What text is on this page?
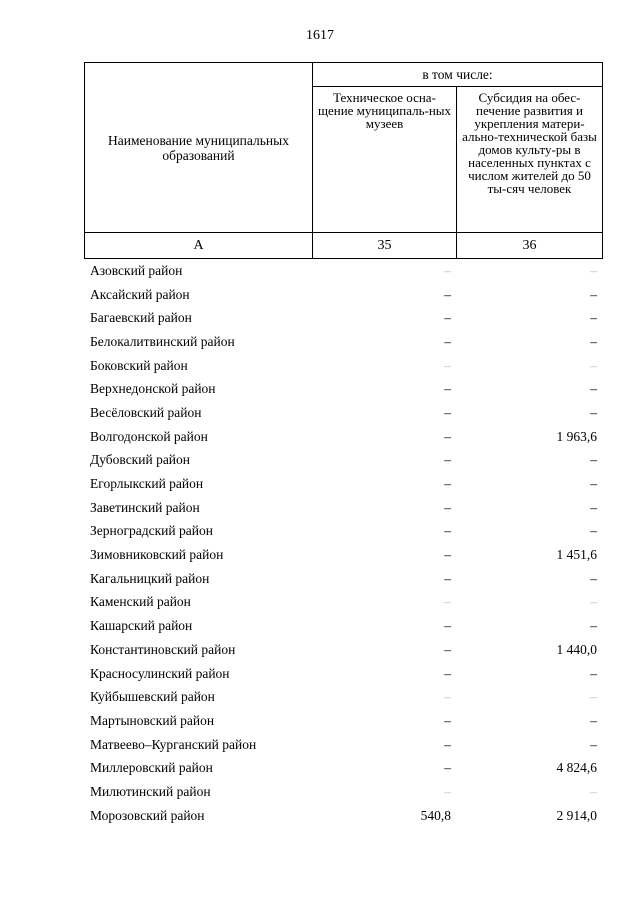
1617
Наименование муниципальных образований	в том числе:	
	Техническое осна-щение муниципаль-ных музеев	Субсидия на обес-печение развития и укрепления матери-ально-технической базы домов культу-ры в населенных пунктах с числом жителей до 50 ты-сяч человек
А	35	36
Азовский район	–	–
Аксайский район	–	–
Багаевский район	–	–
Белокалитвинский район	–	–
Боковский район	–	–
Верхнедонской район	–	–
Весёловский район	–	–
Волгодонской район	–	1 963,6
Дубовский район	–	–
Егорлыкский район	–	–
Заветинский район	–	–
Зерноградский район	–	–
Зимовниковский район	–	1 451,6
Кагальницкий район	–	–
Каменский район	–	–
Кашарский район	–	–
Константиновский район	–	1 440,0
Красносулинский район	–	–
Куйбышевский район	–	–
Мартыновский район	–	–
Матвеево–Курганский район	–	–
Миллеровский район	–	4 824,6
Милютинский район	–	–
Морозовский район	540,8	2 914,0
